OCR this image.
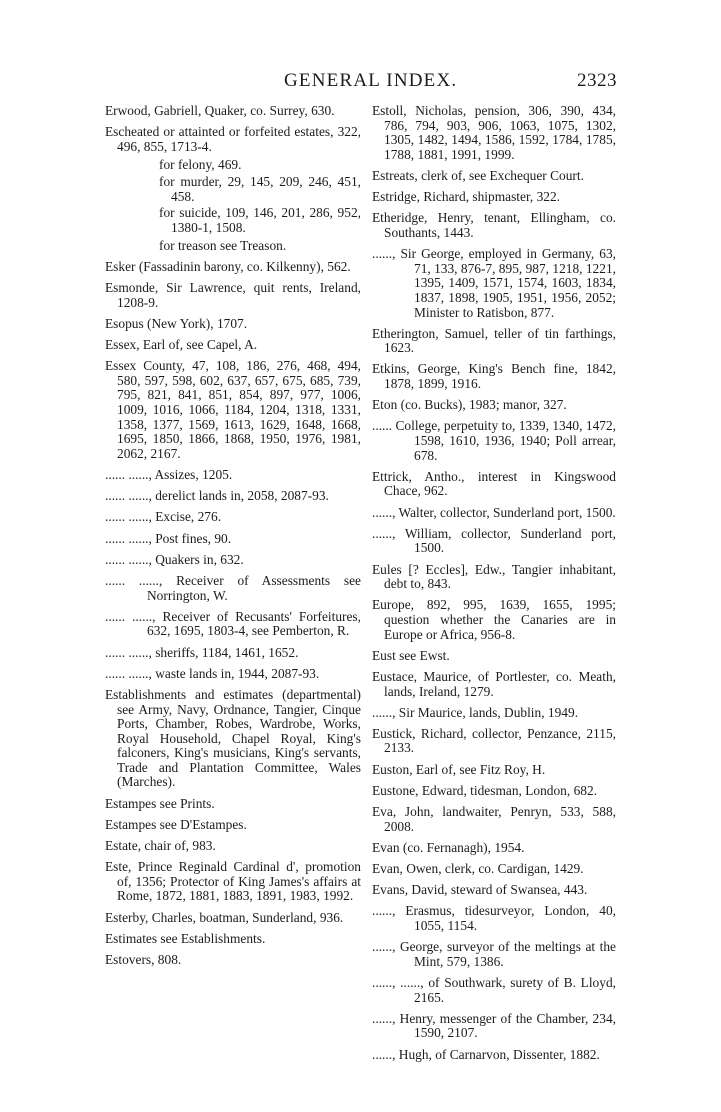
GENERAL INDEX.	2323

Erwood, Gabriell, Quaker, co. Surrey, 630.

Escheated or attainted or forfeited estates, 322, 496, 855, 1713-4.

for felony, 469.

for murder, 29, 145, 209, 246, 451, 458.

for suicide, 109, 146, 201, 286, 952, 1380-1, 1508.

for treason see Treason.

Esker (Fassadinin barony, co. Kilkenny), 562.

Esmonde, Sir Lawrence, quit rents, Ireland, 1208-9.

Esopus (New York), 1707.

Essex, Earl of, see Capel, A.

Essex County, 47, 108, 186, 276, 468, 494, 580, 597, 598, 602, 637, 657, 675, 685, 739, 795, 821, 841, 851, 854, 897, 977, 1006, 1009, 1016, 1066, 1184, 1204, 1318, 1331, 1358, 1377, 1569, 1613, 1629, 1648, 1668, 1695, 1850, 1866, 1868, 1950, 1976, 1981, 2062, 2167.

...... ......, Assizes, 1205.

...... ......, derelict lands in, 2058, 2087-93.

...... ......, Excise, 276.

...... ......, Post fines, 90.

...... ......, Quakers in, 632.

...... ......, Receiver of Assessments see Norrington, W.

...... ......, Receiver of Recusants' Forfeitures, 632, 1695, 1803-4, see Pemberton, R.

...... ......, sheriffs, 1184, 1461, 1652.

...... ......, waste lands in, 1944, 2087-93.

Establishments and estimates (departmental) see Army, Navy, Ordnance, Tangier, Cinque Ports, Chamber, Robes, Wardrobe, Works, Royal Household, Chapel Royal, King's falconers, King's musicians, King's servants, Trade and Plantation Committee, Wales (Marches).

Estampes see Prints.

Estampes see D'Estampes.

Estate, chair of, 983.

Este, Prince Reginald Cardinal d', promotion of, 1356; Protector of King James's affairs at Rome, 1872, 1881, 1883, 1891, 1983, 1992.

Esterby, Charles, boatman, Sunderland, 936.

Estimates see Establishments.

Estovers, 808.

Estoll, Nicholas, pension, 306, 390, 434, 786, 794, 903, 906, 1063, 1075, 1302, 1305, 1482, 1494, 1586, 1592, 1784, 1785, 1788, 1881, 1991, 1999.

Estreats, clerk of, see Exchequer Court.

Estridge, Richard, shipmaster, 322.

Etheridge, Henry, tenant, Ellingham, co. Southants, 1443.

......, Sir George, employed in Germany, 63, 71, 133, 876-7, 895, 987, 1218, 1221, 1395, 1409, 1571, 1574, 1603, 1834, 1837, 1898, 1905, 1951, 1956, 2052; Minister to Ratisbon, 877.

Etherington, Samuel, teller of tin farthings, 1623.

Etkins, George, King's Bench fine, 1842, 1878, 1899, 1916.

Eton (co. Bucks), 1983; manor, 327.

...... College, perpetuity to, 1339, 1340, 1472, 1598, 1610, 1936, 1940; Poll arrear, 678.

Ettrick, Antho., interest in Kingswood Chace, 962.

......, Walter, collector, Sunderland port, 1500.

......, William, collector, Sunderland port, 1500.

Eules [? Eccles], Edw., Tangier inhabitant, debt to, 843.

Europe, 892, 995, 1639, 1655, 1995; question whether the Canaries are in Europe or Africa, 956-8.

Eust see Ewst.

Eustace, Maurice, of Portlester, co. Meath, lands, Ireland, 1279.

......, Sir Maurice, lands, Dublin, 1949.

Eustick, Richard, collector, Penzance, 2115, 2133.

Euston, Earl of, see Fitz Roy, H.

Eustone, Edward, tidesman, London, 682.

Eva, John, landwaiter, Penryn, 533, 588, 2008.

Evan (co. Fernanagh), 1954.

Evan, Owen, clerk, co. Cardigan, 1429.

Evans, David, steward of Swansea, 443.

......, Erasmus, tidesurveyor, London, 40, 1055, 1154.

......, George, surveyor of the meltings at the Mint, 579, 1386.

......, ......, of Southwark, surety of B. Lloyd, 2165.

......, Henry, messenger of the Chamber, 234, 1590, 2107.

......, Hugh, of Carnarvon, Dissenter, 1882.
